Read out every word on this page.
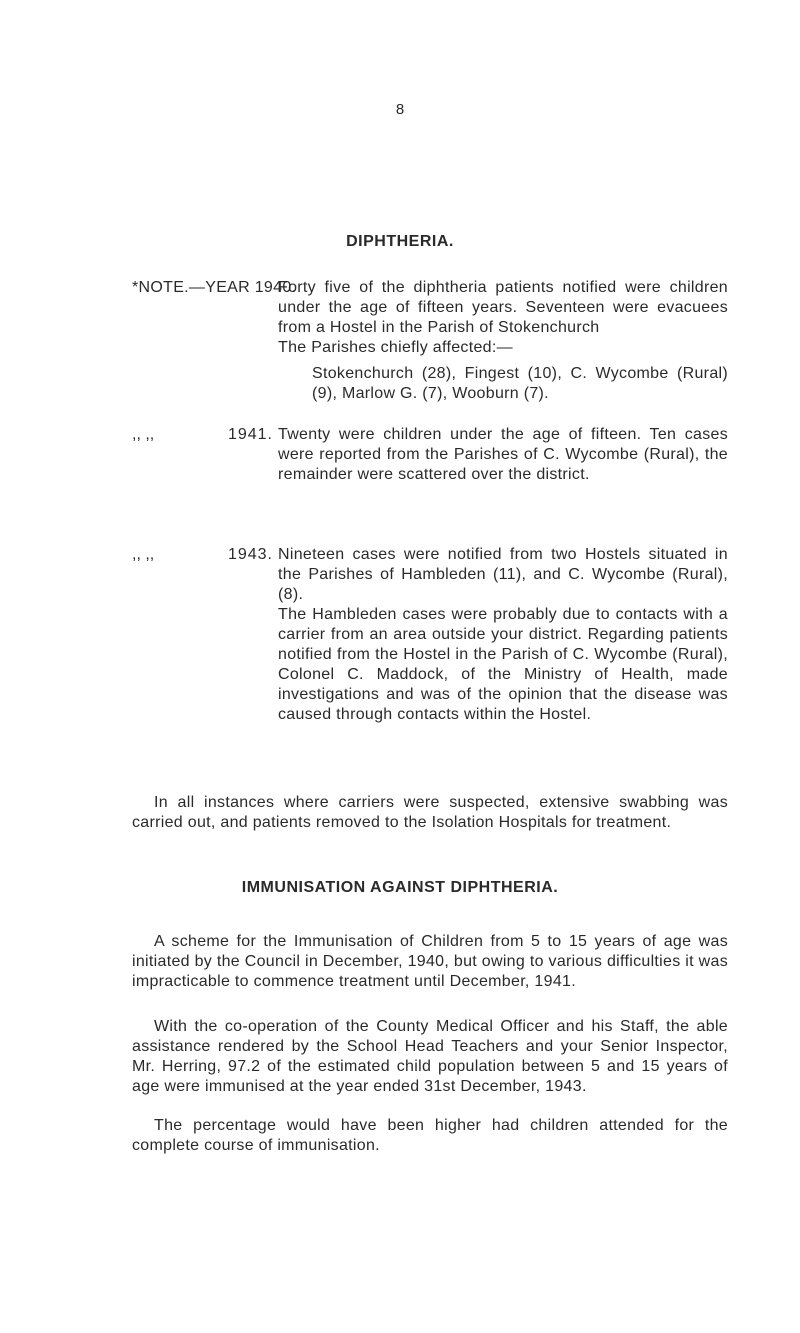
8
DIPHTHERIA.
*NOTE.—YEAR 1940.

Forty five of the diphtheria patients notified were children under the age of fifteen years. Seventeen were evacuees from a Hostel in the Parish of Stokenchurch

The Parishes chiefly affected:—

Stokenchurch (28), Fingest (10), C. Wycombe (Rural) (9), Marlow G. (7), Wooburn (7).

,, ,,	1941. Twenty were children under the age of fifteen. Ten cases were reported from the Parishes of C. Wycombe (Rural), the remainder were scattered over the district.

,, ,,	1943. Nineteen cases were notified from two Hostels situated in the Parishes of Hambleden (11), and C. Wycombe (Rural), (8).

The Hambleden cases were probably due to contacts with a carrier from an area outside your district. Regarding patients notified from the Hostel in the Parish of C. Wycombe (Rural), Colonel C. Maddock, of the Ministry of Health, made investigations and was of the opinion that the disease was caused through contacts within the Hostel.

In all instances where carriers were suspected, extensive swabbing was carried out, and patients removed to the Isolation Hospitals for treatment.

IMMUNISATION AGAINST DIPHTHERIA.

A scheme for the Immunisation of Children from 5 to 15 years of age was initiated by the Council in December, 1940, but owing to various difficulties it was impracticable to commence treatment until December, 1941.

With the co-operation of the County Medical Officer and his Staff, the able assistance rendered by the School Head Teachers and your Senior Inspector, Mr. Herring, 97.2 of the estimated child population between 5 and 15 years of age were immunised at the year ended 31st December, 1943.

The percentage would have been higher had children attended for the complete course of immunisation.
